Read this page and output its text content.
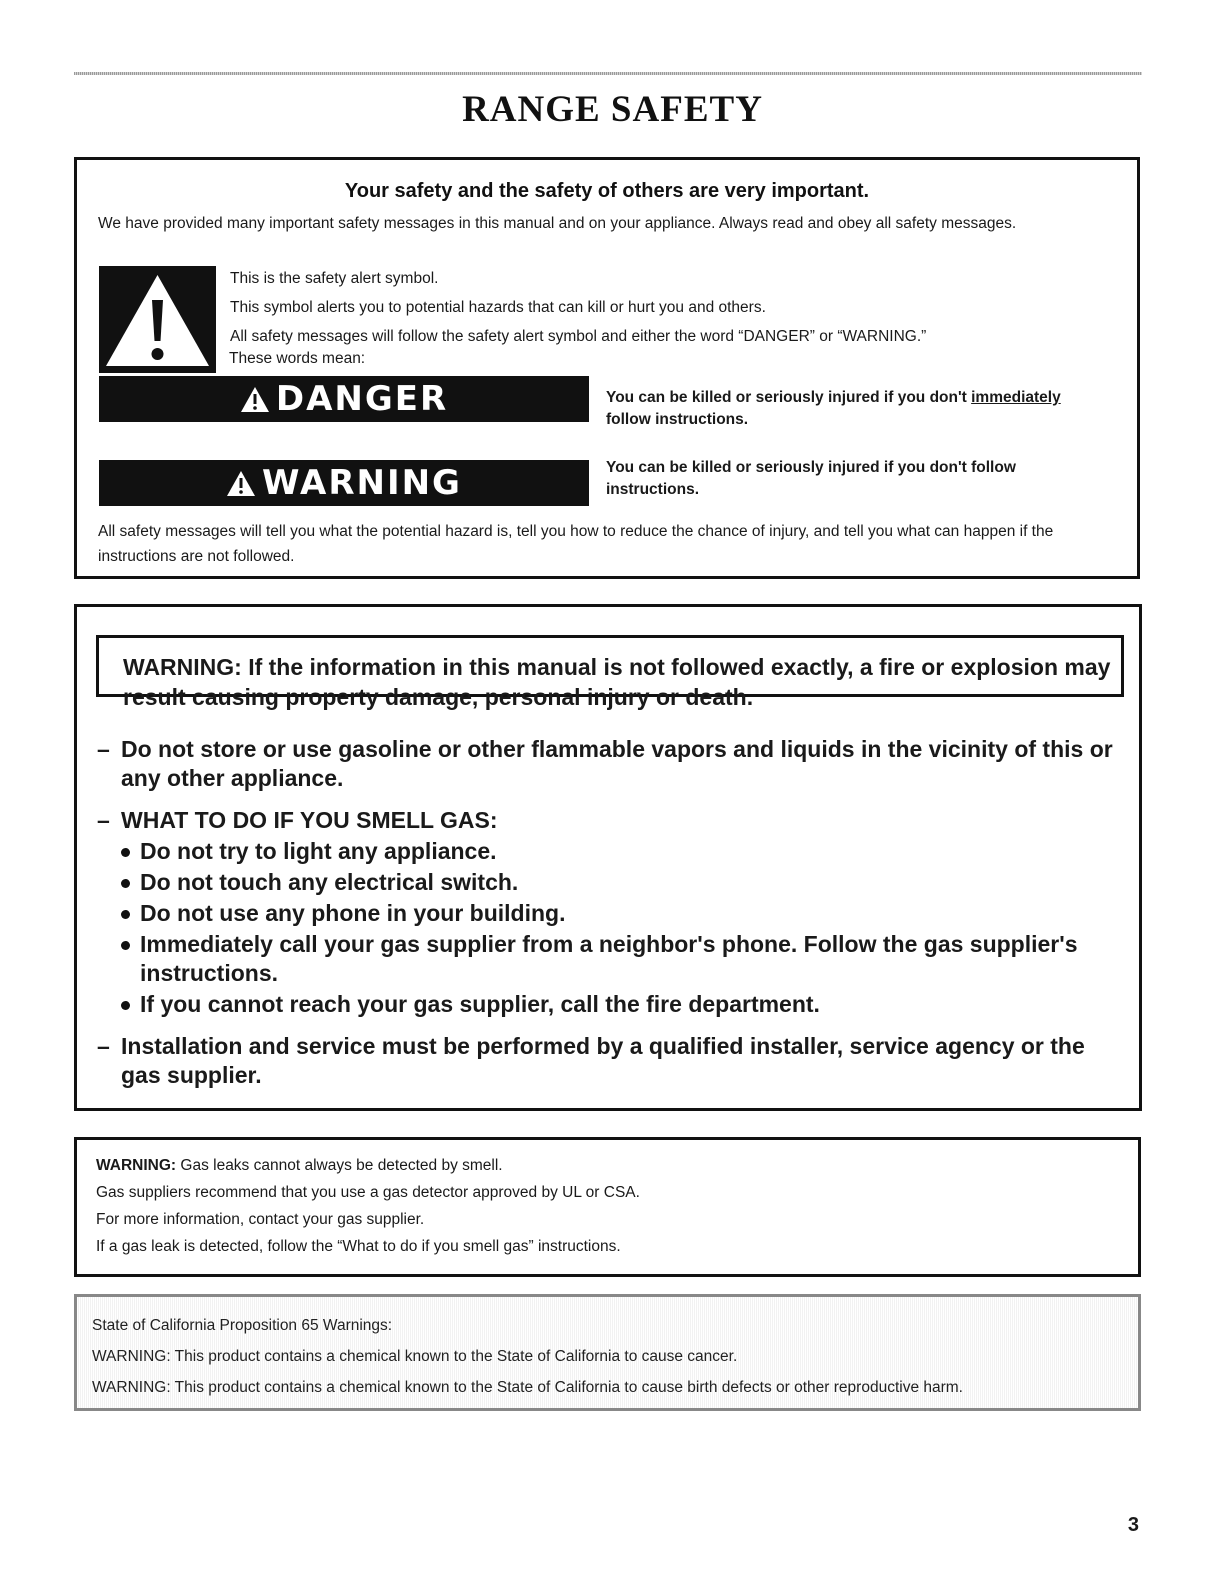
RANGE SAFETY
Your safety and the safety of others are very important.

We have provided many important safety messages in this manual and on your appliance. Always read and obey all safety messages.

This is the safety alert symbol.

This symbol alerts you to potential hazards that can kill or hurt you and others.

All safety messages will follow the safety alert symbol and either the word “DANGER” or “WARNING.”

These words mean:

DANGER	You can be killed or seriously injured if you don't immediately
follow instructions.

WARNING	You can be killed or seriously injured if you don't follow instructions.

All safety messages will tell you what the potential hazard is, tell you how to reduce the chance of injury, and tell you what can happen if the instructions are not followed.

WARNING: If the information in this manual is not followed exactly, a fire or explosion may result causing property damage, personal injury or death.

– Do not store or use gasoline or other flammable vapors and liquids in the vicinity of this or any other appliance.
– WHAT TO DO IF YOU SMELL GAS:
Do not try to light any appliance.
Do not touch any electrical switch.
Do not use any phone in your building.
Immediately call your gas supplier from a neighbor's phone. Follow the gas supplier's instructions.
If you cannot reach your gas supplier, call the fire department.
– Installation and service must be performed by a qualified installer, service agency or the gas supplier.

WARNING: Gas leaks cannot always be detected by smell.

Gas suppliers recommend that you use a gas detector approved by UL or CSA.

For more information, contact your gas supplier.

If a gas leak is detected, follow the “What to do if you smell gas” instructions.

State of California Proposition 65 Warnings:

WARNING: This product contains a chemical known to the State of California to cause cancer.

WARNING: This product contains a chemical known to the State of California to cause birth defects or other reproductive harm.

3
